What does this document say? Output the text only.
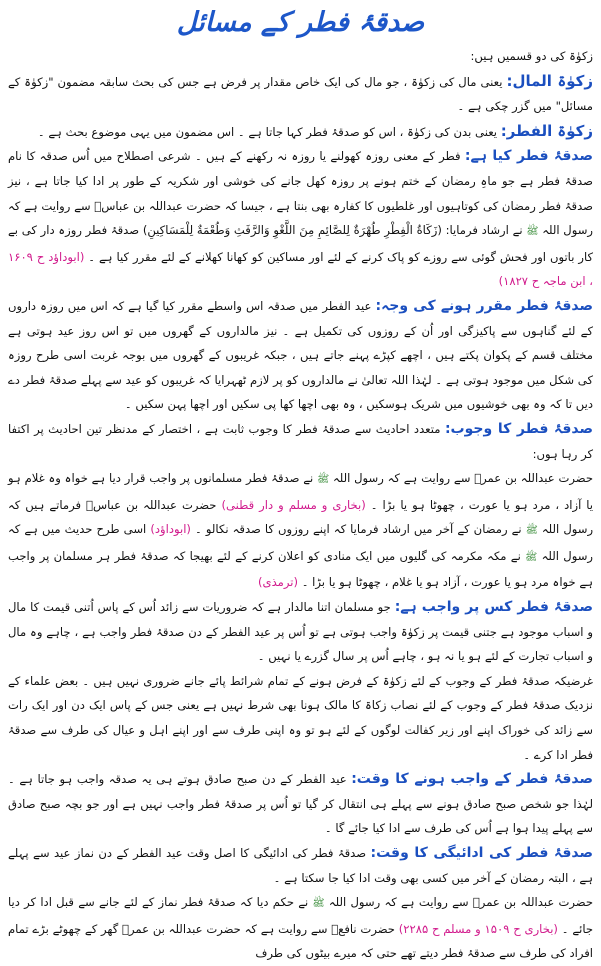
صدقۂ فطر کے مسائل

زکوٰۃ کی دو قسمیں ہیں:

زکوٰۃ المال: یعنی مال کی زکوٰۃ ، جو مال کی ایک خاص مقدار پر فرض ہے جس کی بحث سابقہ مضمون "زکوٰۃ کے مسائل" میں گزر چکی ہے ۔

زکوٰۃ الفطر: یعنی بدن کی زکوٰۃ ، اس کو صدقۂ فطر کہا جاتا ہے ۔ اس مضمون میں یہی موضوع بحث ہے ۔

صدقۂ فطر کیا ہے: فطر کے معنی روزہ کھولنے یا روزہ نہ رکھنے کے ہیں ۔ شرعی اصطلاح میں اُس صدقہ کا نام صدقۂ فطر ہے جو ماہِ رمضان کے ختم ہونے پر روزہ کھل جانے کی خوشی اور شکریہ کے طور پر ادا کیا جاتا ہے ، نیز صدقۂ فطر رمضان کی کوتاہیوں اور غلطیوں کا کفارہ بھی بنتا ہے ، جیسا کہ حضرت عبداللہ بن عباسؓ سے روایت ہے کہ رسول اللہ ﷺ نے ارشاد فرمایا: (زَكَاةُ الْفِطْرِ طُهْرَةٌ لِلصَّائِمِ مِنَ اللَّغْوِ وَالرَّفَثِ وَطُعْمَةٌ لِلْمَسَاكِينِ) صدقۂ فطر روزہ دار کی بے کار باتوں اور فحش گوئی سے روزے کو پاک کرنے کے لئے اور مساکین کو کھانا کھلانے کے لئے مقرر کیا ہے ۔ (ابوداؤد ح ۱۶۰۹ ، ابن ماجہ ح ۱۸۲۷)

صدقۂ فطر مقرر ہونے کی وجہ: عید الفطر میں صدقہ اس واسطے مقرر کیا گیا ہے کہ اس میں روزہ داروں کے لئے گناہوں سے پاکیزگی اور اُن کے روزوں کی تکمیل ہے ۔ نیز مالداروں کے گھروں میں تو اس روز عید ہوتی ہے مختلف قسم کے پکوان پکتے ہیں ، اچھے کپڑے پہنے جاتے ہیں ، جبکہ غریبوں کے گھروں میں بوجہ غربت اسی طرح روزہ کی شکل میں موجود ہوتی ہے ۔ لہٰذا اللہ تعالیٰ نے مالداروں کو پر لازم ٹھہرایا کہ غریبوں کو عید سے پہلے صدقۂ فطر دے دیں تا کہ وہ بھی خوشیوں میں شریک ہوسکیں ، وہ بھی اچھا کھا پی سکیں اور اچھا پہن سکیں ۔

صدقۂ فطر کا وجوب: متعدد احادیث سے صدقۂ فطر کا وجوب ثابت ہے ، اختصار کے مدنظر تین احادیث پر اکتفا کر رہا ہوں:

حضرت عبداللہ بن عمرؓ سے روایت ہے کہ رسول اللہ ﷺ نے صدقۂ فطر مسلمانوں پر واجب قرار دیا ہے خواہ وہ غلام ہو یا آزاد ، مرد ہو یا عورت ، چھوٹا ہو یا بڑا ۔ (بخاری و مسلم و دار قطنی) حضرت عبداللہ بن عباسؓ فرماتے ہیں کہ رسول اللہ ﷺ نے رمضان کے آخر میں ارشاد فرمایا کہ اپنے روزوں کا صدقہ نکالو ۔ (ابوداؤد) اسی طرح حدیث میں ہے کہ رسول اللہ ﷺ نے مکہ مکرمہ کی گلیوں میں ایک منادی کو اعلان کرنے کے لئے بھیجا کہ صدقۂ فطر ہر مسلمان پر واجب ہے خواہ مرد ہو یا عورت ، آزاد ہو یا غلام ، چھوٹا ہو یا بڑا ۔ (ترمذی)

صدقۂ فطر کس پر واجب ہے: جو مسلمان اتنا مالدار ہے کہ ضروریات سے زائد اُس کے پاس اُتنی قیمت کا مال و اسباب موجود ہے جتنی قیمت پر زکوٰۃ واجب ہوتی ہے تو اُس پر عید الفطر کے دن صدقۂ فطر واجب ہے ، چاہے وہ مال و اسباب تجارت کے لئے ہو یا نہ ہو ، چاہے اُس پر سال گزرے یا نہیں ۔

غرضیکہ صدقۂ فطر کے وجوب کے لئے زکوٰۃ کے فرض ہونے کے تمام شرائط پائے جانے ضروری نہیں ہیں ۔ بعض علماء کے نزدیک صدقۂ فطر کے وجوب کے لئے نصاب زکاۃ کا مالک ہونا بھی شرط نہیں ہے یعنی جس کے پاس ایک دن اور ایک رات سے زائد کی خوراک اپنے اور زیر کفالت لوگوں کے لئے ہو تو وہ اپنی طرف سے اور اپنے اہل و عیال کی طرف سے صدقۂ فطر ادا کرے ۔

صدقۂ فطر کے واجب ہونے کا وقت: عید الفطر کے دن صبح صادق ہوتے ہی یہ صدقہ واجب ہو جاتا ہے ۔ لہٰذا جو شخص صبح صادق ہونے سے پہلے ہی انتقال کر گیا تو اُس پر صدقۂ فطر واجب نہیں ہے اور جو بچہ صبح صادق سے پہلے پیدا ہوا ہے اُس کی طرف سے ادا کیا جائے گا ۔

صدقۂ فطر کی ادائیگی کا وقت: صدقۂ فطر کی ادائیگی کا اصل وقت عید الفطر کے دن نماز عید سے پہلے ہے ، البتہ رمضان کے آخر میں کسی بھی وقت ادا کیا جا سکتا ہے ۔

حضرت عبداللہ بن عمرؓ سے روایت ہے کہ رسول اللہ ﷺ نے حکم دیا کہ صدقۂ فطر نماز کے لئے جانے سے قبل ادا کر دیا جائے ۔ (بخاری ح ۱۵۰۹ و مسلم ح ۲۲۸۵) حضرت نافعؒ سے روایت ہے کہ حضرت عبداللہ بن عمرؓ گھر کے چھوٹے بڑے تمام افراد کی طرف سے صدقۂ فطر دیتے تھے حتی کہ میرے بیٹوں کی طرف
